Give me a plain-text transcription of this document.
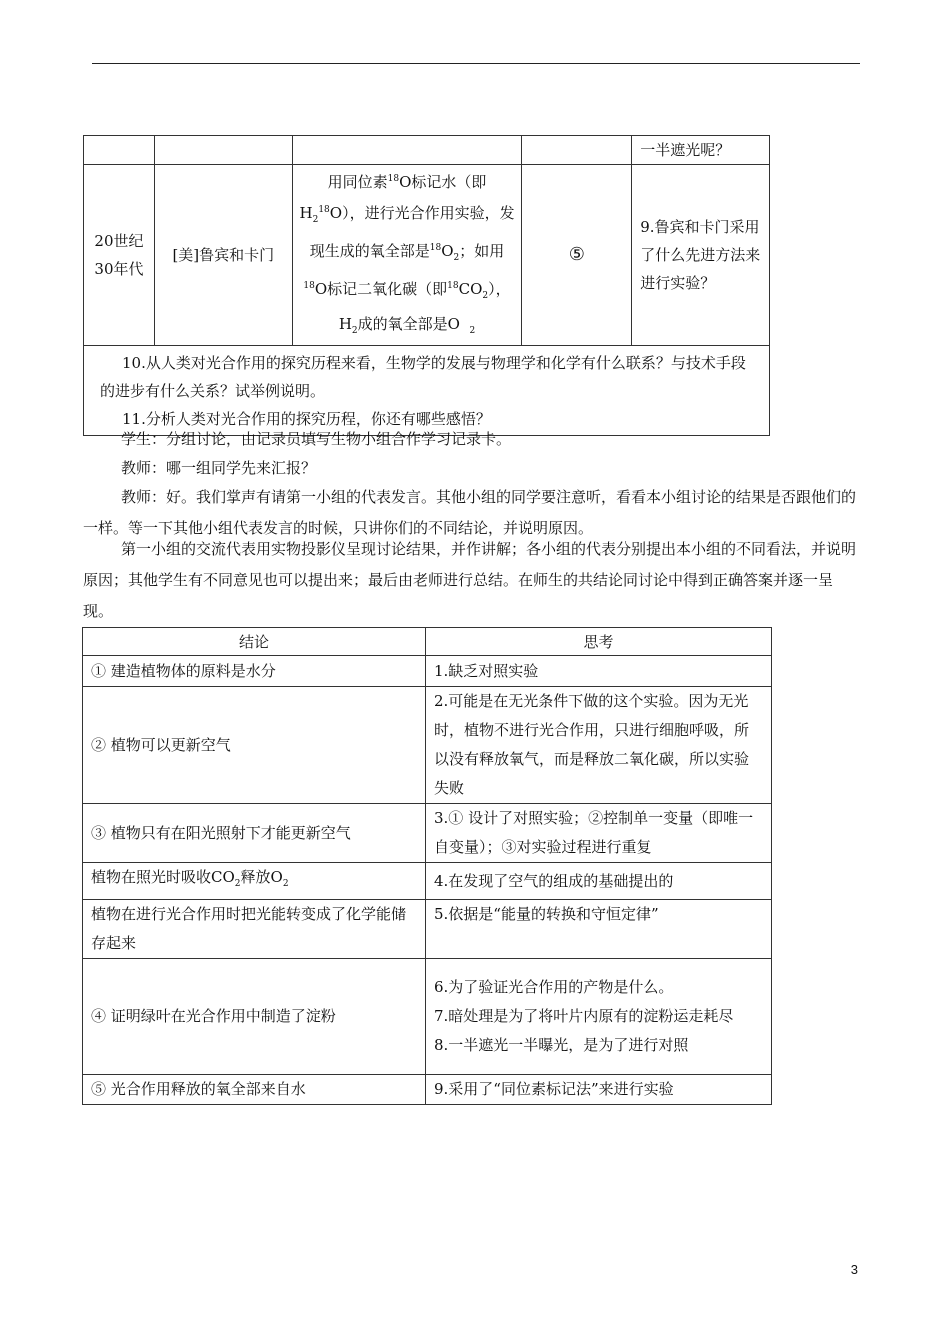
				一半遮光呢？
20世纪30年代	[美]鲁宾和卡门	用同位素$^{18}$O标记水（即$H_2^{18}O$），进行光合作用实验，发现生成的氧全部是$^{18}O_2$；如用$^{18}$O标记二氧化碳（即$^{18}CO_2$），$H_2$成的氧全部是O $_2$	⑤	9.鲁宾和卡门采用了什么先进方法来进行实验？

10.从人类对光合作用的探究历程来看，生物学的发展与物理学和化学有什么联系？与技术手段的进步有什么关系？试举例说明。
11.分析人类对光合作用的探究历程，你还有哪些感悟？				
学生：分组讨论，由记录员填写生物小组合作学习记录卡。
教师：哪一组同学先来汇报？
教师：好。我们掌声有请第一小组的代表发言。其他小组的同学要注意听，看看本小组讨论的结果是否跟他们的一样。等一下其他小组代表发言的时候，只讲你们的不同结论，并说明原因。
第一小组的交流代表用实物投影仪呈现讨论结果，并作讲解；各小组的代表分别提出本小组的不同看法，并说明原因；其他学生有不同意见也可以提出来；最后由老师进行总结。在师生的共结论同讨论中得到正确答案并逐一呈现。
结论	思考
① 建造植物体的原料是水分	1.缺乏对照实验
② 植物可以更新空气	2.可能是在无光条件下做的这个实验。因为无光时，植物不进行光合作用，只进行细胞呼吸，所以没有释放氧气，而是释放二氧化碳，所以实验失败
③ 植物只有在阳光照射下才能更新空气	3.① 设计了对照实验；②控制单一变量（即唯一自变量）；③对实验过程进行重复
植物在照光时吸收$CO_2$释放$O_2$	4.在发现了空气的组成的基础提出的
植物在进行光合作用时把光能转变成了化学能储存起来	5.依据是“能量的转换和守恒定律”
④ 证明绿叶在光合作用中制造了淀粉	6.为了验证光合作用的产物是什么。
7.暗处理是为了将叶片内原有的淀粉运走耗尽
8.一半遮光一半曝光，是为了进行对照

⑤ 光合作用释放的氧全部来自水	9.采用了“同位素标记法”来进行实验
3
